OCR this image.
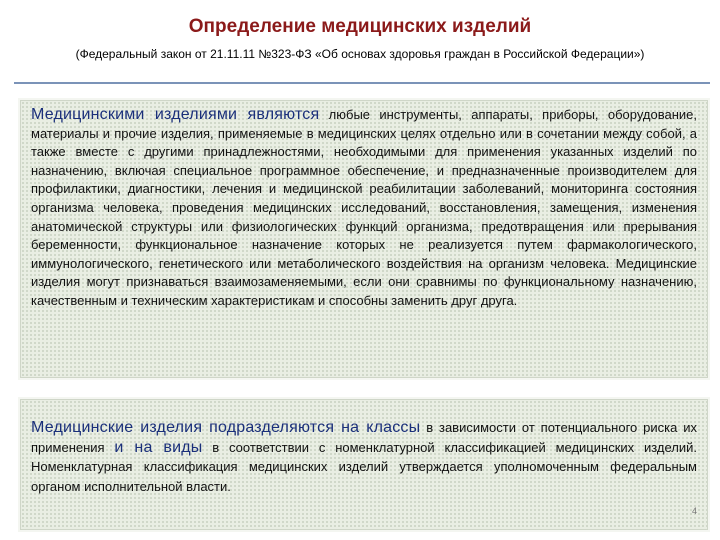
Определение медицинских изделий
(Федеральный закон от 21.11.11 №323-ФЗ «Об основах здоровья граждан в Российской Федерации»)
Медицинскими изделиями являются любые инструменты, аппараты, приборы, оборудование, материалы и прочие изделия, применяемые в медицинских целях отдельно или в сочетании между собой, а также вместе с другими принадлежностями, необходимыми для применения указанных изделий по назначению, включая специальное программное обеспечение, и предназначенные производителем для профилактики, диагностики, лечения и медицинской реабилитации заболеваний, мониторинга состояния организма человека, проведения медицинских исследований, восстановления, замещения, изменения анатомической структуры или физиологических функций организма, предотвращения или прерывания беременности, функциональное назначение которых не реализуется путем фармакологического, иммунологического, генетического или метаболического воздействия на организм человека. Медицинские изделия могут признаваться взаимозаменяемыми, если они сравнимы по функциональному назначению, качественным и техническим характеристикам и способны заменить друг друга.
Медицинские изделия подразделяются на классы в зависимости от потенциального риска их применения и на виды в соответствии с номенклатурной классификацией медицинских изделий. Номенклатурная классификация медицинских изделий утверждается уполномоченным федеральным органом исполнительной власти.
4
